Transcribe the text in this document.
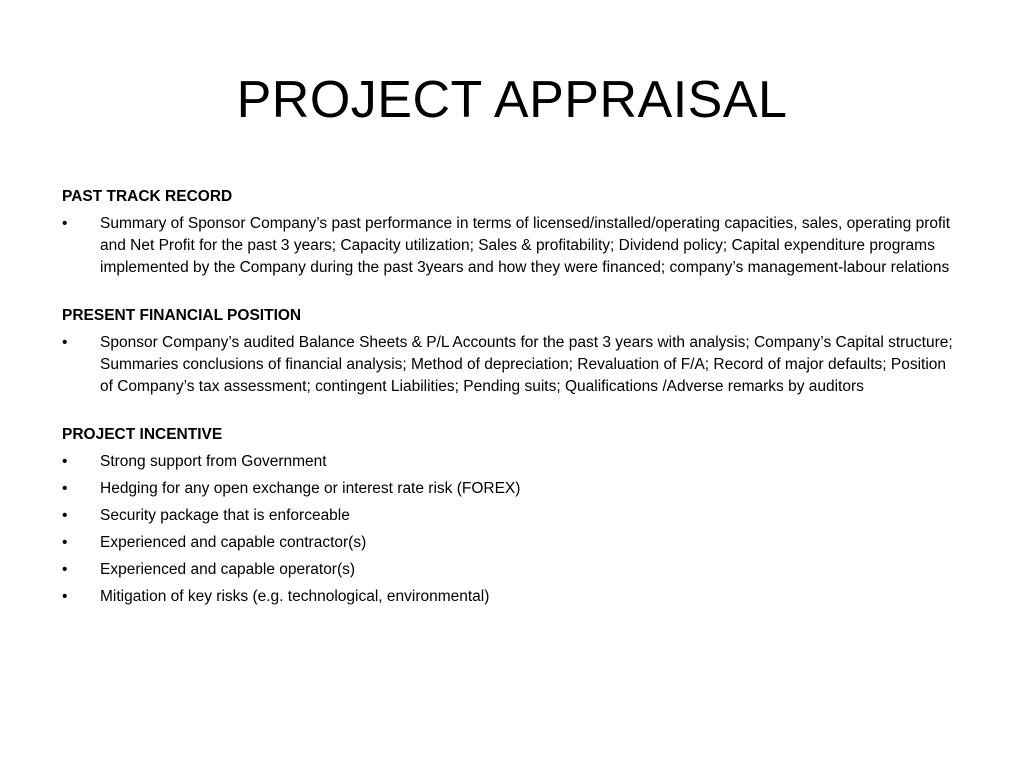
PROJECT APPRAISAL
PAST TRACK RECORD
•	Summary of Sponsor Company’s past performance in terms of licensed/installed/operating capacities, sales, operating profit and Net Profit for the past 3 years; Capacity utilization; Sales & profitability; Dividend policy; Capital expenditure programs implemented by the Company during the past 3years and how they were financed; company’s management-labour relations
PRESENT FINANCIAL POSITION
•	Sponsor Company’s audited Balance Sheets & P/L Accounts for the past 3 years with analysis; Company’s Capital structure; Summaries conclusions of financial analysis; Method of depreciation; Revaluation of F/A; Record of major defaults; Position of Company’s tax assessment; contingent Liabilities; Pending suits; Qualifications /Adverse remarks by auditors
PROJECT INCENTIVE
•	Strong support from Government
•	Hedging for any open exchange or interest rate risk (FOREX)
•	Security package that is enforceable
•	Experienced and capable contractor(s)
•	Experienced and capable operator(s)
•	Mitigation of key risks (e.g. technological, environmental)
